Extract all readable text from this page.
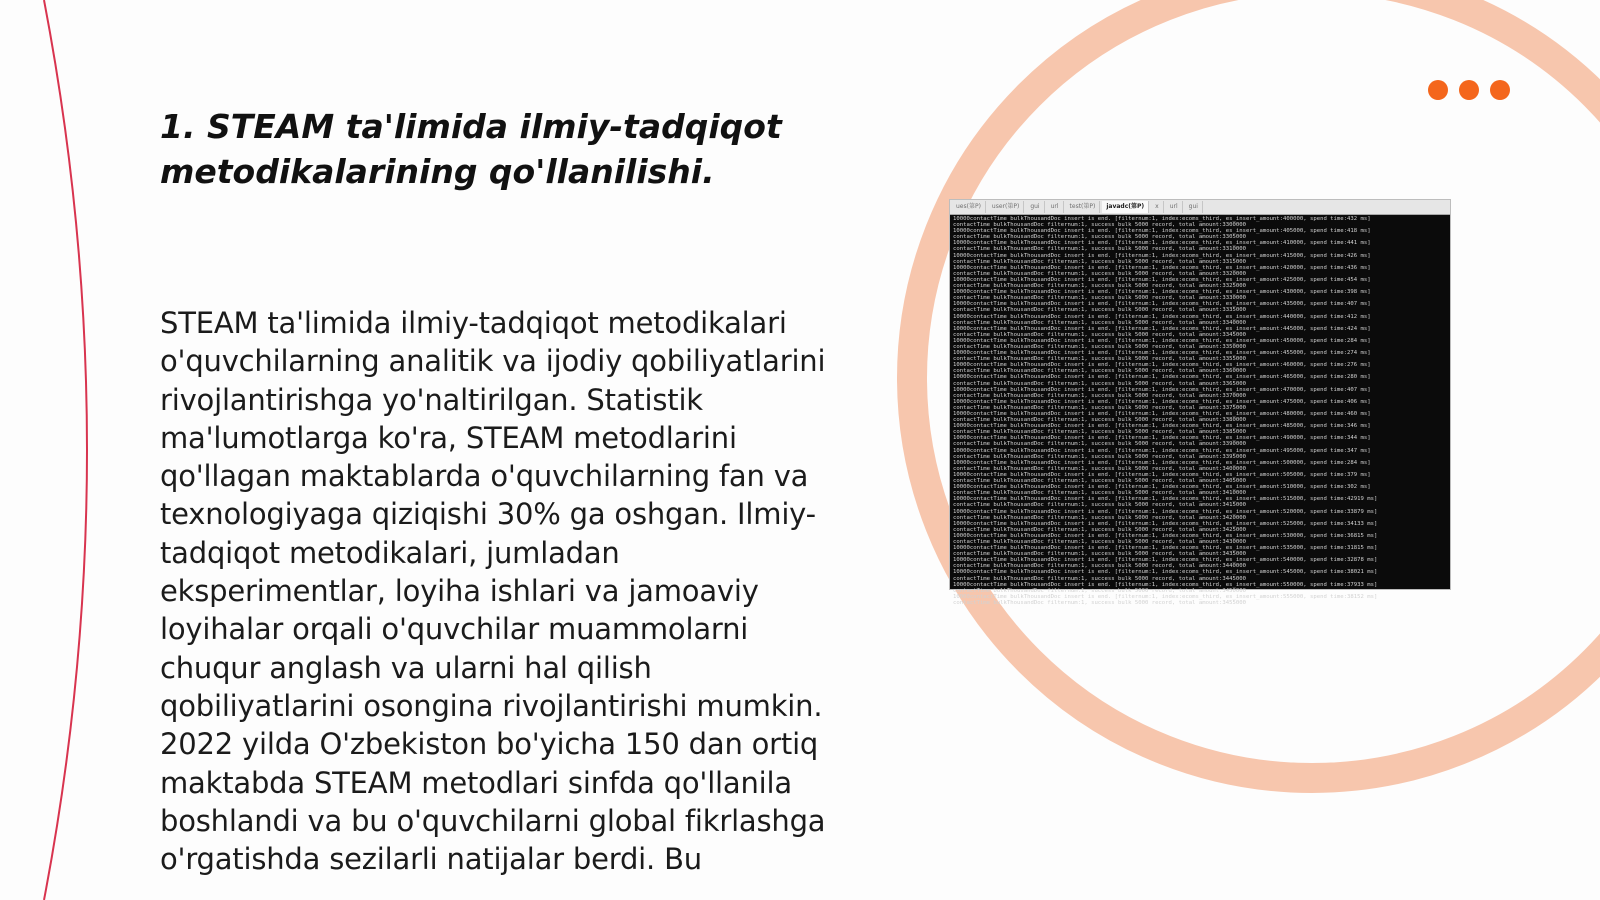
1. STEAM ta'limida ilmiy-tadqiqot metodikalarining qo'llanilishi.

STEAM ta'limida ilmiy-tadqiqot metodikalari o'quvchilarning analitik va ijodiy qobiliyatlarini rivojlantirishga yo'naltirilgan. Statistik ma'lumotlarga ko'ra, STEAM metodlarini qo'llagan maktablarda o'quvchilarning fan va texnologiyaga qiziqishi 30% ga oshgan. Ilmiy-tadqiqot metodikalari, jumladan eksperimentlar, loyiha ishlari va jamoaviy loyihalar orqali o'quvchilar muammolarni chuqur anglash va ularni hal qilish qobiliyatlarini osongina rivojlantirishi mumkin. 2022 yilda O'zbekiston bo'yicha 150 dan ortiq maktabda STEAM metodlari sinfda qo'llanila boshlandi va bu o'quvchilarni global fikrlashga o'rgatishda sezilarli natijalar berdi. Bu

ues(第P)	user(第P)	gui	url	test(第P)	javadc(第P)	x	url	gui
10000contactTime bulkThousandDoc insert is end. [filternum:1, index:ecoms_third, es_insert_amount:400000, spend time:432 ms]
contactTime bulkThousandDoc filternum:1, success bulk 5000 record, total amount:3300000
10000contactTime bulkThousandDoc insert is end. [filternum:1, index:ecoms_third, es_insert_amount:405000, spend time:418 ms]
contactTime bulkThousandDoc filternum:1, success bulk 5000 record, total amount:3305000
10000contactTime bulkThousandDoc insert is end. [filternum:1, index:ecoms_third, es_insert_amount:410000, spend time:441 ms]
contactTime bulkThousandDoc filternum:1, success bulk 5000 record, total amount:3310000
10000contactTime bulkThousandDoc insert is end. [filternum:1, index:ecoms_third, es_insert_amount:415000, spend time:426 ms]
contactTime bulkThousandDoc filternum:1, success bulk 5000 record, total amount:3315000
10000contactTime bulkThousandDoc insert is end. [filternum:1, index:ecoms_third, es_insert_amount:420000, spend time:436 ms]
contactTime bulkThousandDoc filternum:1, success bulk 5000 record, total amount:3320000
10000contactTime bulkThousandDoc insert is end. [filternum:1, index:ecoms_third, es_insert_amount:425000, spend time:454 ms]
contactTime bulkThousandDoc filternum:1, success bulk 5000 record, total amount:3325000
10000contactTime bulkThousandDoc insert is end. [filternum:1, index:ecoms_third, es_insert_amount:430000, spend time:398 ms]
contactTime bulkThousandDoc filternum:1, success bulk 5000 record, total amount:3330000
10000contactTime bulkThousandDoc insert is end. [filternum:1, index:ecoms_third, es_insert_amount:435000, spend time:407 ms]
contactTime bulkThousandDoc filternum:1, success bulk 5000 record, total amount:3335000
10000contactTime bulkThousandDoc insert is end. [filternum:1, index:ecoms_third, es_insert_amount:440000, spend time:412 ms]
contactTime bulkThousandDoc filternum:1, success bulk 5000 record, total amount:3340000
10000contactTime bulkThousandDoc insert is end. [filternum:1, index:ecoms_third, es_insert_amount:445000, spend time:424 ms]
contactTime bulkThousandDoc filternum:1, success bulk 5000 record, total amount:3345000
10000contactTime bulkThousandDoc insert is end. [filternum:1, index:ecoms_third, es_insert_amount:450000, spend time:284 ms]
contactTime bulkThousandDoc filternum:1, success bulk 5000 record, total amount:3350000
10000contactTime bulkThousandDoc insert is end. [filternum:1, index:ecoms_third, es_insert_amount:455000, spend time:274 ms]
contactTime bulkThousandDoc filternum:1, success bulk 5000 record, total amount:3355000
10000contactTime bulkThousandDoc insert is end. [filternum:1, index:ecoms_third, es_insert_amount:460000, spend time:276 ms]
contactTime bulkThousandDoc filternum:1, success bulk 5000 record, total amount:3360000
10000contactTime bulkThousandDoc insert is end. [filternum:1, index:ecoms_third, es_insert_amount:465000, spend time:280 ms]
contactTime bulkThousandDoc filternum:1, success bulk 5000 record, total amount:3365000
10000contactTime bulkThousandDoc insert is end. [filternum:1, index:ecoms_third, es_insert_amount:470000, spend time:407 ms]
contactTime bulkThousandDoc filternum:1, success bulk 5000 record, total amount:3370000
10000contactTime bulkThousandDoc insert is end. [filternum:1, index:ecoms_third, es_insert_amount:475000, spend time:406 ms]
contactTime bulkThousandDoc filternum:1, success bulk 5000 record, total amount:3375000
10000contactTime bulkThousandDoc insert is end. [filternum:1, index:ecoms_third, es_insert_amount:480000, spend time:460 ms]
contactTime bulkThousandDoc filternum:1, success bulk 5000 record, total amount:3380000
10000contactTime bulkThousandDoc insert is end. [filternum:1, index:ecoms_third, es_insert_amount:485000, spend time:346 ms]
contactTime bulkThousandDoc filternum:1, success bulk 5000 record, total amount:3385000
10000contactTime bulkThousandDoc insert is end. [filternum:1, index:ecoms_third, es_insert_amount:490000, spend time:344 ms]
contactTime bulkThousandDoc filternum:1, success bulk 5000 record, total amount:3390000
10000contactTime bulkThousandDoc insert is end. [filternum:1, index:ecoms_third, es_insert_amount:495000, spend time:347 ms]
contactTime bulkThousandDoc filternum:1, success bulk 5000 record, total amount:3395000
10000contactTime bulkThousandDoc insert is end. [filternum:1, index:ecoms_third, es_insert_amount:500000, spend time:284 ms]
contactTime bulkThousandDoc filternum:1, success bulk 5000 record, total amount:3400000
10000contactTime bulkThousandDoc insert is end. [filternum:1, index:ecoms_third, es_insert_amount:505000, spend time:379 ms]
contactTime bulkThousandDoc filternum:1, success bulk 5000 record, total amount:3405000
10000contactTime bulkThousandDoc insert is end. [filternum:1, index:ecoms_third, es_insert_amount:510000, spend time:302 ms]
contactTime bulkThousandDoc filternum:1, success bulk 5000 record, total amount:3410000
10000contactTime bulkThousandDoc insert is end. [filternum:1, index:ecoms_third, es_insert_amount:515000, spend time:42919 ms]
contactTime bulkThousandDoc filternum:1, success bulk 5000 record, total amount:3415000
10000contactTime bulkThousandDoc insert is end. [filternum:1, index:ecoms_third, es_insert_amount:520000, spend time:33879 ms]
contactTime bulkThousandDoc filternum:1, success bulk 5000 record, total amount:3420000
10000contactTime bulkThousandDoc insert is end. [filternum:1, index:ecoms_third, es_insert_amount:525000, spend time:34133 ms]
contactTime bulkThousandDoc filternum:1, success bulk 5000 record, total amount:3425000
10000contactTime bulkThousandDoc insert is end. [filternum:1, index:ecoms_third, es_insert_amount:530000, spend time:36815 ms]
contactTime bulkThousandDoc filternum:1, success bulk 5000 record, total amount:3430000
10000contactTime bulkThousandDoc insert is end. [filternum:1, index:ecoms_third, es_insert_amount:535000, spend time:31815 ms]
contactTime bulkThousandDoc filternum:1, success bulk 5000 record, total amount:3435000
10000contactTime bulkThousandDoc insert is end. [filternum:1, index:ecoms_third, es_insert_amount:540000, spend time:32878 ms]
contactTime bulkThousandDoc filternum:1, success bulk 5000 record, total amount:3440000
10000contactTime bulkThousandDoc insert is end. [filternum:1, index:ecoms_third, es_insert_amount:545000, spend time:38021 ms]
contactTime bulkThousandDoc filternum:1, success bulk 5000 record, total amount:3445000
10000contactTime bulkThousandDoc insert is end. [filternum:1, index:ecoms_third, es_insert_amount:550000, spend time:37933 ms]
contactTime bulkThousandDoc filternum:1, success bulk 5000 record, total amount:3450000
10000contactTime bulkThousandDoc insert is end. [filternum:1, index:ecoms_third, es_insert_amount:555000, spend time:38152 ms]
contactTime bulkThousandDoc filternum:1, success bulk 5000 record, total amount:3455000
